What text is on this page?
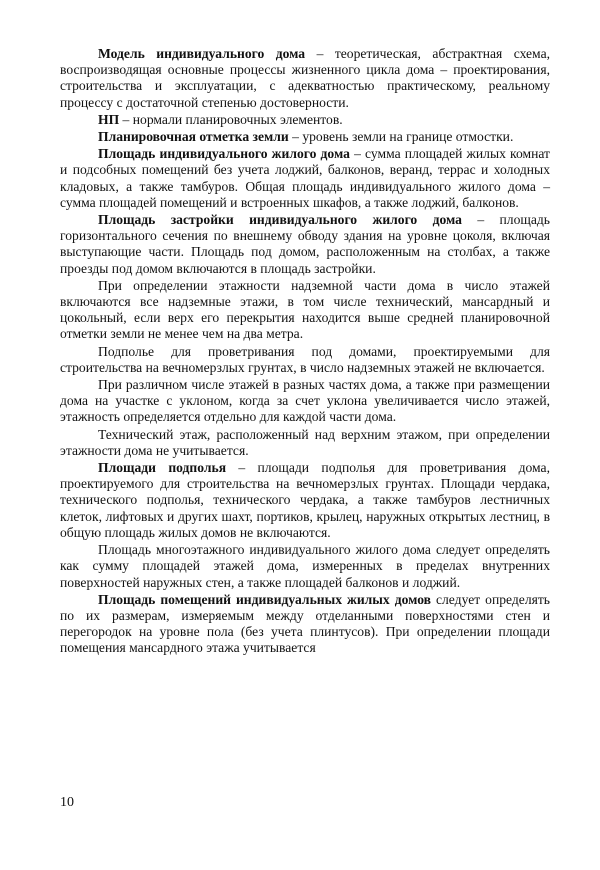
Модель индивидуального дома – теоретическая, абстрактная схема, воспроизводящая основные процессы жизненного цикла дома – проектирования, строительства и эксплуатации, с адекватностью практическому, реальному процессу с достаточной степенью достоверности.

НП – нормали планировочных элементов.

Планировочная отметка земли – уровень земли на границе отмостки.

Площадь индивидуального жилого дома – сумма площадей жилых комнат и подсобных помещений без учета лоджий, балконов, веранд, террас и холодных кладовых, а также тамбуров. Общая площадь индивидуального жилого дома – сумма площадей помещений и встроенных шкафов, а также лоджий, балконов.

Площадь застройки индивидуального жилого дома – площадь горизонтального сечения по внешнему обводу здания на уровне цоколя, включая выступающие части. Площадь под домом, расположенным на столбах, а также проезды под домом включаются в площадь застройки.

При определении этажности надземной части дома в число этажей включаются все надземные этажи, в том числе технический, мансардный и цокольный, если верх его перекрытия находится выше средней планировочной отметки земли не менее чем на два метра.

Подполье для проветривания под домами, проектируемыми для строительства на вечномерзлых грунтах, в число надземных этажей не включается.

При различном числе этажей в разных частях дома, а также при размещении дома на участке с уклоном, когда за счет уклона увеличивается число этажей, этажность определяется отдельно для каждой части дома.

Технический этаж, расположенный над верхним этажом, при определении этажности дома не учитывается.

Площади подполья – площади подполья для проветривания дома, проектируемого для строительства на вечномерзлых грунтах. Площади чердака, технического подполья, технического чердака, а также тамбуров лестничных клеток, лифтовых и других шахт, портиков, крылец, наружных открытых лестниц, в общую площадь жилых домов не включаются.

Площадь многоэтажного индивидуального жилого дома следует определять как сумму площадей этажей дома, измеренных в пределах внутренних поверхностей наружных стен, а также площадей балконов и лоджий.

Площадь помещений индивидуальных жилых домов следует определять по их размерам, измеряемым между отделанными поверхностями стен и перегородок на уровне пола (без учета плинтусов). При определении площади помещения мансардного этажа учитывается

10
